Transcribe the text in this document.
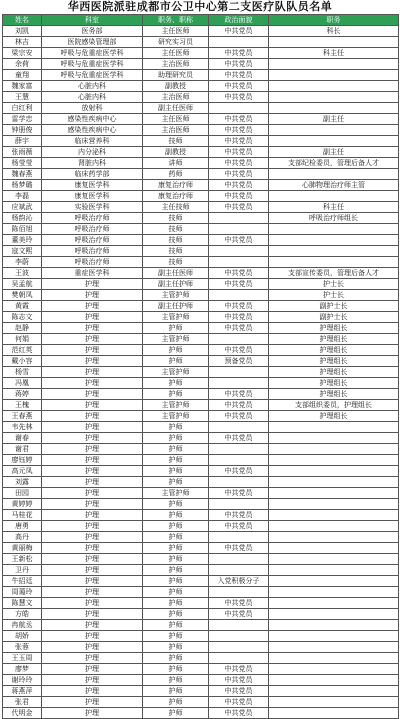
华西医院派驻成都市公卫中心第二支医疗队队员名单
姓名	科室	职务、职称	政治面貌	职务
刘凯	医务部	主任医师	中共党员	科长
林吉	医院感染管理部	研究实习员		
梁宗安	呼吸与危重症医学科	主任医师	中共党员	科主任
余荷	呼吸与危重症医学科	主治医师	中共党员	
童翔	呼吸与危重症医学科	助理研究员	中共党员	
魏家富	心脏内科	副教授	中共党员	
王慧	心脏内科	主治医师	中共党员	
白红利	放射科	副主任医师		
雷学忠	感染性疾病中心	主任医师	中共党员	副主任
钟册俊	感染性疾病中心	主治医师	中共党员	
薛宇	临床营养科	技师	中共党员	
张雨薇	内分泌科	副教授	中共党员	副主任
杨莹莹	肾脏内科	讲师	中共党员	支部纪检委员，管理后备人才
魏春燕	临床药学部	药师	中共党员	
杨梦璐	康复医学科	康复治疗师	中共党员	心肺物理治疗师主管
李磊	康复医学科	康复治疗师	中共党员	
应斌武	实验医学科	主任技师	中共党员	科主任
杨韵沁	呼吸治疗师	技师		呼吸治疗师组长
陈佰旭	呼吸治疗师	技师		
董美玲	呼吸治疗师	技师	中共党员	
寇文熙	呼吸治疗师	技师		
李蔚	呼吸治疗师	技师		
王波	重症医学科	副主任医师	中共党员	支部宣传委员，管理后备人才
吴孟航	护理	副主任护师	中共党员	护士长
樊朝凤	护理	主管护师		护士长
黄霞	护理	副主任护师	中共党员	副护士长
陈志文	护理	主管护师	中共党员	副护士长
赵静	护理	护师	中共党员	护理组长
何娟	护理	主管护师		护理组长
范红英	护理	护师	中共党员	护理组长
戴小容	护理	护师	预备党员	护理组长
杨雪	护理	主管护师		护理组长
冯凰	护理	护师		护理组长
蒋婷	护理	护师	中共党员	护理组长
王槐	护理	主管护师	中共党员	支部组织委员，护理组长
王春燕	护理	主管护师	中共党员	护理组长
韦先林	护理	护师		
谢春	护理	护师	中共党员	
谢君	护理	护师		
廖钰婷	护理	护师		
高元凤	护理	护师	中共党员	
刘露	护理	护师		
田园	护理	主管护师	中共党员	
黄婷婷	护理	护师		
马桂花	护理	护师	中共党员	
唐勇	护理	护师	中共党员	
高丹	护理	护师		
黄丽梅	护理	护师	中共党员	
王新松	护理	护师		
卫丹	护理	护师		
牛招廷	护理	护师	入党积极分子	
周蔼玲	护理	护师		
陈慧文	护理	护师	中共党员	
方皓	护理	护师	中共党员	
冉航丞	护理	护师		
胡娇	护理	护师		
张蓉	护理	护师		
王玉周	护理	护师		
廖梦	护理	护师	中共党员	
谢玲玲	护理	护师	中共党员	
蒋燕萍	护理	护师	中共党员	
张君	护理	护师	中共党员	
代明金	护理	护师	中共党员	
